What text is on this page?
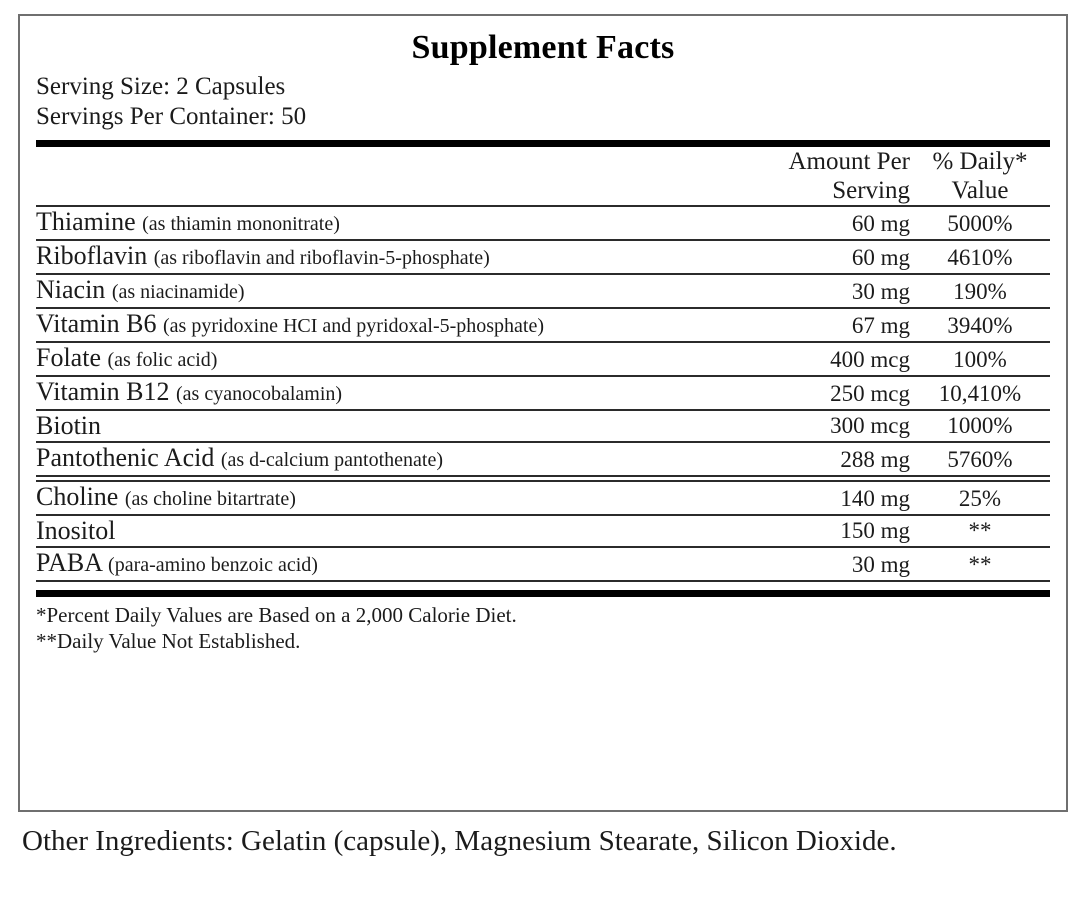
Supplement Facts
Serving Size: 2 Capsules
Servings Per Container: 50

Amount Per
Serving

% Daily*
Value

Thiamine (as thiamin mononitrate)	60 mg	5000%

Riboflavin (as riboflavin and riboflavin-5-phosphate)	60 mg	4610%

Niacin (as niacinamide)	30 mg	190%

Vitamin B6 (as pyridoxine HCI and pyridoxal-5-phosphate)	67 mg	3940%

Folate (as folic acid)	400 mcg	100%

Vitamin B12 (as cyanocobalamin)	250 mcg	10,410%

Biotin	300 mcg	1000%

Pantothenic Acid (as d-calcium pantothenate)	288 mg	5760%

Choline (as choline bitartrate)	140 mg	25%

Inositol	150 mg	**

PABA (para-amino benzoic acid)	30 mg	**

*Percent Daily Values are Based on a 2,000 Calorie Diet.
**Daily Value Not Established.
Other Ingredients: Gelatin (capsule), Magnesium Stearate, Silicon Dioxide.
